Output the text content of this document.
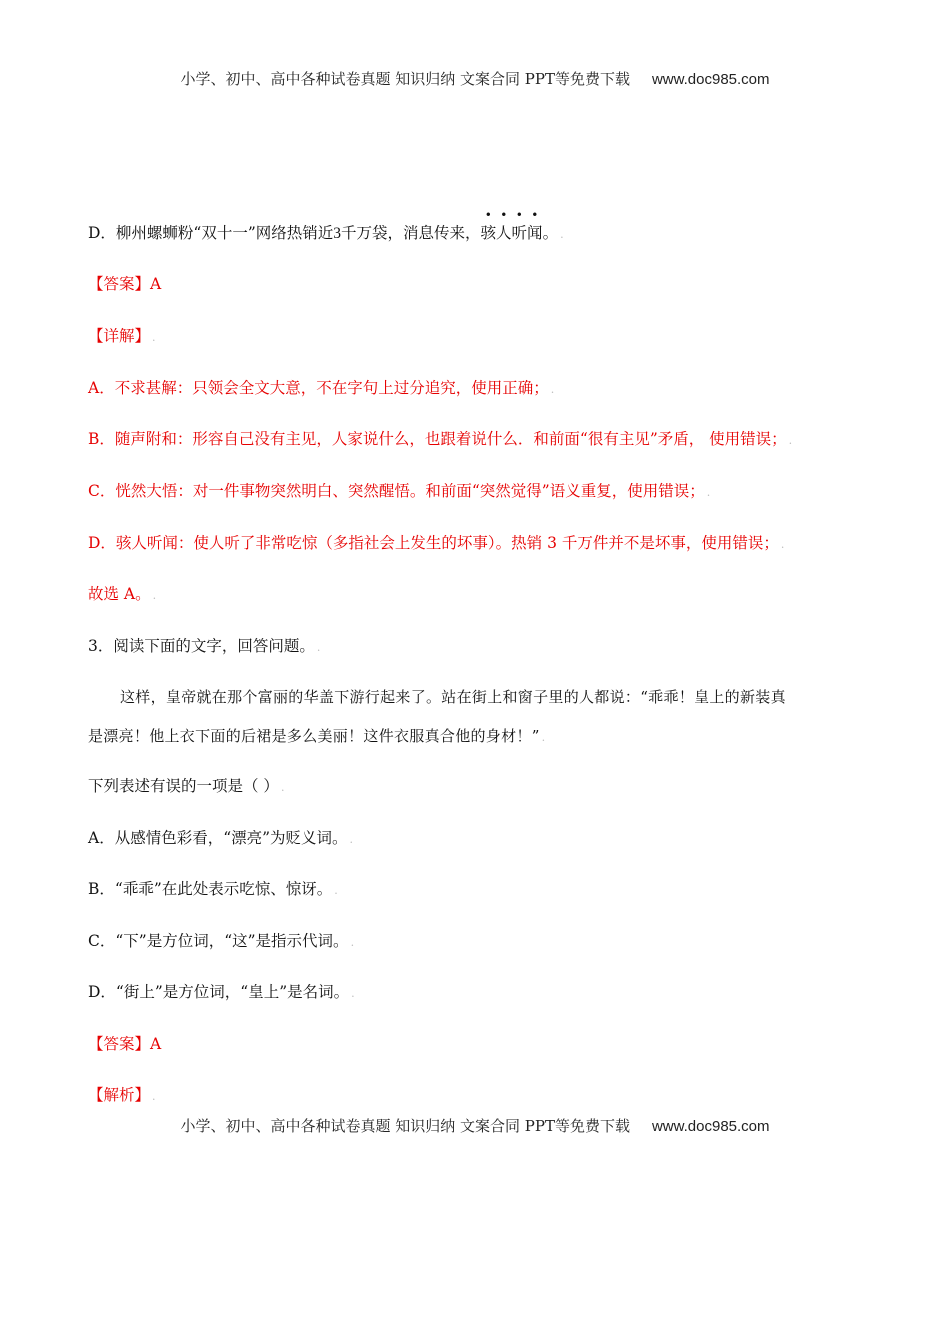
小学、初中、高中各种试卷真题 知识归纳 文案合同 PPT等免费下载 www.doc985.com
D．柳州螺蛳粉“双十一”网络热销近3千万袋，消息传来，
• • • •
骇人听闻。 .
【答案】A
【详解】 .
A．不求甚解：只领会全文大意，不在字句上过分追究，使用正确； .
B．随声附和：形容自己没有主见，人家说什么，也跟着说什么．和前面“很有主见”矛盾， 使用错误； .
C．恍然大悟：对一件事物突然明白、突然醒悟。和前面“突然觉得”语义重复，使用错误； .
D．骇人听闻：使人听了非常吃惊（多指社会上发生的坏事）。热销 3 千万件并不是坏事，使用错误； .
故选 A。 .
3．阅读下面的文字，回答问题。 .
这样，皇帝就在那个富丽的华盖下游行起来了。站在街上和窗子里的人都说：“乖乖！皇上的新装真
是漂亮！他上衣下面的后裙是多么美丽！这件衣服真合他的身材！” .
下列表述有误的一项是（ ） .
A．从感情色彩看，“漂亮”为贬义词。 .
B．“乖乖”在此处表示吃惊、惊讶。 .
C．“下”是方位词，“这”是指示代词。 .
D．“街上”是方位词，“皇上”是名词。 .
【答案】A
【解析】 .
小学、初中、高中各种试卷真题 知识归纳 文案合同 PPT等免费下载 www.doc985.com
